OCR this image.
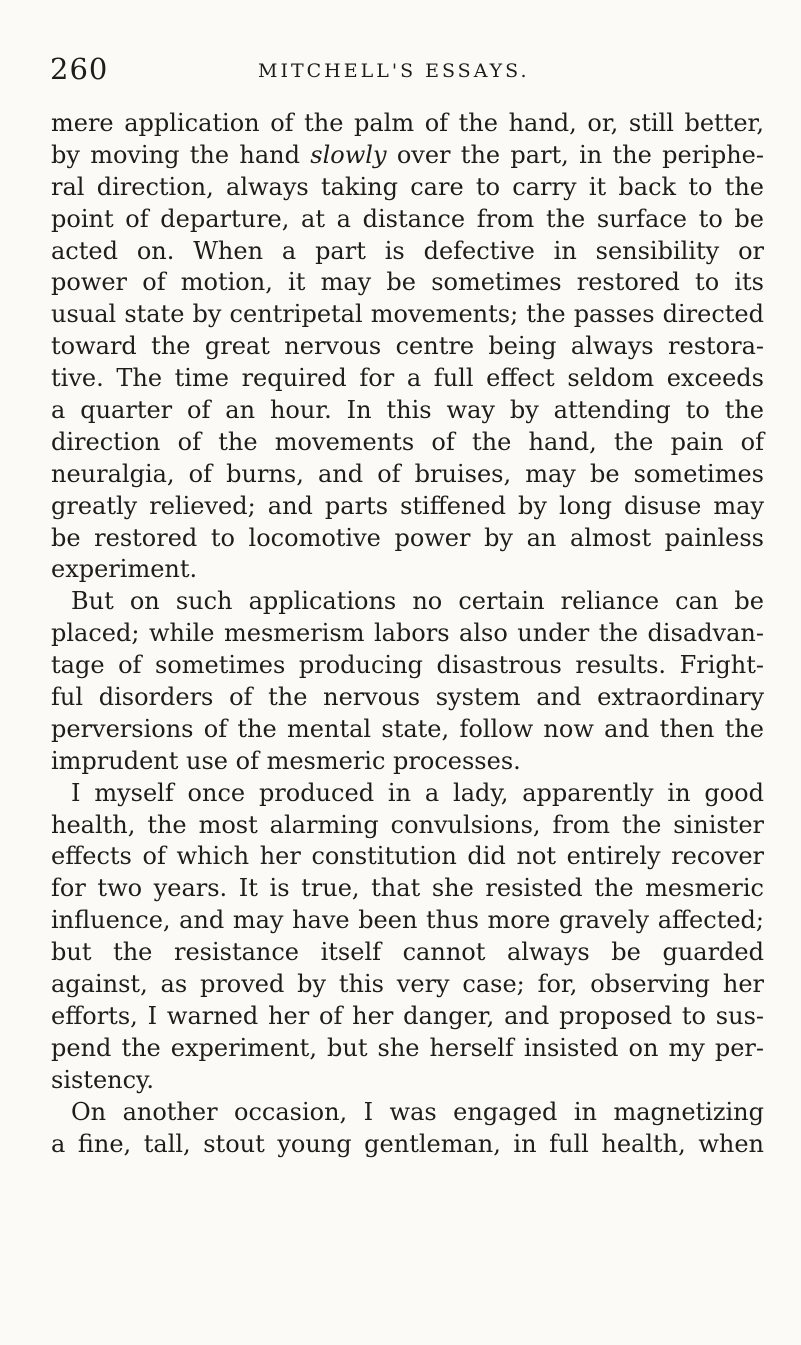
260	MITCHELL'S ESSAYS.
mere application of the palm of the hand, or, still better,
by moving the hand slowly over the part, in the periphe-
ral direction, always taking care to carry it back to the
point of departure, at a distance from the surface to be
acted on. When a part is defective in sensibility or
power of motion, it may be sometimes restored to its
usual state by centripetal movements; the passes directed
toward the great nervous centre being always restora-
tive. The time required for a full effect seldom exceeds
a quarter of an hour. In this way by attending to the
direction of the movements of the hand, the pain of
neuralgia, of burns, and of bruises, may be sometimes
greatly relieved; and parts stiffened by long disuse may
be restored to locomotive power by an almost painless
experiment.
But on such applications no certain reliance can be
placed; while mesmerism labors also under the disadvan-
tage of sometimes producing disastrous results. Fright-
ful disorders of the nervous system and extraordinary
perversions of the mental state, follow now and then the
imprudent use of mesmeric processes.
I myself once produced in a lady, apparently in good
health, the most alarming convulsions, from the sinister
effects of which her constitution did not entirely recover
for two years. It is true, that she resisted the mesmeric
influence, and may have been thus more gravely affected;
but the resistance itself cannot always be guarded
against, as proved by this very case; for, observing her
efforts, I warned her of her danger, and proposed to sus-
pend the experiment, but she herself insisted on my per-
sistency.
On another occasion, I was engaged in magnetizing
a fine, tall, stout young gentleman, in full health, when
